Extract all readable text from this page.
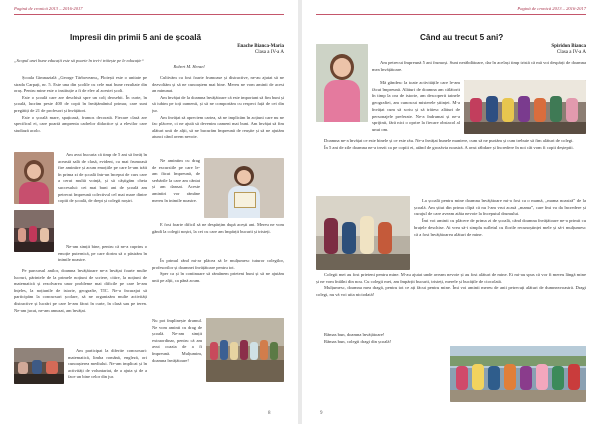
Pagină de cronică 2013 – 2016-2017
Impresii din primii 5 ani de școală
Enache Bianca-Maria
Clasa a IV-a A
„Scopul unei bune educații este să poarte în trei-i trăiește pe le educație“
Robert M. Hensel

Școala Gimnazială „George Tărboveanu„ Ploiești este o unitate pe strada Carpați, nr. 5. Este una din școlile cu cele mai bune rezultate din oraș. Pentru mine este o instituție a fi de elev al acestei școli.

Este o școală care are deschisă spre un colț deosebit. În curte, în școală, lucrăm peste 400 de copii în învățământul primar, care sunt pregătiți de 21 de profesori și învățători.

Este o școală mare, spațioasă, frumos decorată. Fiecare clasă are specificul ei, care poartă amprenta cadrelor didactice și a elevilor care studiază acolo.

Am avut bucuria că timp de 5 ani să învăț în această sală de clasă, evident, cu mai frumoasă fire amintire și acum emoțiile pe care le-am trăit în prima zi de școală într-un început de curs care a cerut multă voință, și să câștigăm cheia succesului: cei mai buni ani de școală am petrecut împreună colectivul cel mai mare dintre copiii de școală, de drept și colegii noștri.

Ne-am simțit bine, pentru că ne-a cuprins o emoție puternică, pe care dorim să o păstrăm în inimile noastre.

Pe parcursul anilor, doamna învățătoare ne-a învățat foarte multe lucruri, părintele de la primele noțiuni de scriere, citire, la noțiuni de matematică și rezolvarea unor probleme mai dificile pe care le-am înțeles, la noțiunile de istorie, geografie, TIC. Ne-a încurajat să participăm la concursuri școlare, să ne organizăm multe activități distractive și lucrări pe care le-am făcut în curte, în clasă sau pe teren. Ne-am jucat, ne-am amuzat, am învățat.

Am participat la diferite concursuri: matematică, limba română, engleză, ori cunoașterea mediului. Ne-am implicat și în activități de voluntariat, de a ajuta și de a face un bine celor din jur.

Cultivăm cu fost foarte frumoase și distractive, ne-au ajutat să ne dezvoltăm și să ne cunoaștem mai bine. Mereu ne vom aminti de acest an minunat.

Am învățat de la doamna învățătoare că este important să fim buni și să iubim pe toți oamenii, și să ne comportăm cu respect față de cei din jur.

Am învățat să apreciem cartea, să ne implicăm în acțiuni care nu ne fac plăcere, ci ne ajută să devenim oameni mai buni. Am învățat să fim alături unii de alții, să ne bucurăm împreună de reușite și să ne ajutăm atunci când avem nevoie.

Ne amintim cu drag de excursiile pe care le-am făcut împreună, de serbările la care am cântat și am dansat. Aceste amintiri vor rămâne mereu în inimile noastre.

E fost foarte dificil să ne despărțim după acești ani. Mereu ne vom gândi la colegii noștri, la cei cu care am împărțit bucurii și tristeți.

În primul rând mi-ar plăcea să le mulțumesc tuturor colegilor, profesorilor și doamnei învățătoare pentru tot.

Sper ca și în continuare să rămânem prieteni buni și să ne ajutăm unii pe alții, ca până acum.

Nu pot împlinește drumul. Ne vom aminti cu drag de școală. Ne-am simțit extraordinar, pentru că am avut ocazia de a fi împreună. Mulțumim, doamna învățătoare!

8
Pagină de cronică 2013 – 2016-2017
Când au trecut 5 ani?
Spiridon Bianca
Clasa a IV-a A

Am petrecut împreună 5 ani frumoși. Sunt nerăbdătoare, dar în același timp tristă că mă voi despărți de doamna mea învățătoare.

Mă gândesc la toate activitățile care le-am făcut împreună. Alături de doamna am călătorit în timp la ora de istorie, am descoperit tainele geografiei, am cunoscut misterele științei. M-a învățat cum să scriu și să trăiesc alături de personajele preferate. Ne-a îndrumat și ne-a sprijinit, fără nici o oprire la fiecare obstacol al unui om.

Doamna ne-a învățat ce este binele și ce este rău. Ne-a învățat bunele maniere, cum să ne purtăm și cum trebuie să fim alături de colegi.

În 5 ani de zile doamna ne-a trezit ca pe copiii ei, atând de grozăvia noastră. A avut răbdare și încredere în noi cât vom fi copii deșteptii.

La școală pentru mine doamna învățătoare mi-a fost ca o mamă, „mama noastră” de la școală. Am știut din prima clipă că nu l-am vrut acasă „mama”, care îmi va da încredere și curajul de care aveam atâta nevoie la începutul drumului.

Îmi voi aminti cu plăcere de prima zi de școală, când doamna învățătoare ne-a primit cu brațele deschise. Ai vrea să-i simplu sufletul cu florile recunoștinței mele și să-i mulțumesc că a fost învățătoarea alături de mine.

Colegii mei au fost prieteni pentru mine. M-au ajutat unde aveam nevoie și au fost alături de mine. Ei mi-au spus că vor fi mereu lângă mine și ne vom întâlni din nou. Cu colegii mei, am împărțit bucurii, tristeți, merele și bucățile de ciocolată.

Mulțumesc, doamna mea dragă, pentru tot ce ați făcut pentru mine. Îmi voi aminti mereu de anii petrecuți alături de dumneavoastră. Dragi colegi, nu vă voi uita niciodată!

Râmas bun, doamna învățătoare!

Râmas bun, colegii dragi din școală!

9
